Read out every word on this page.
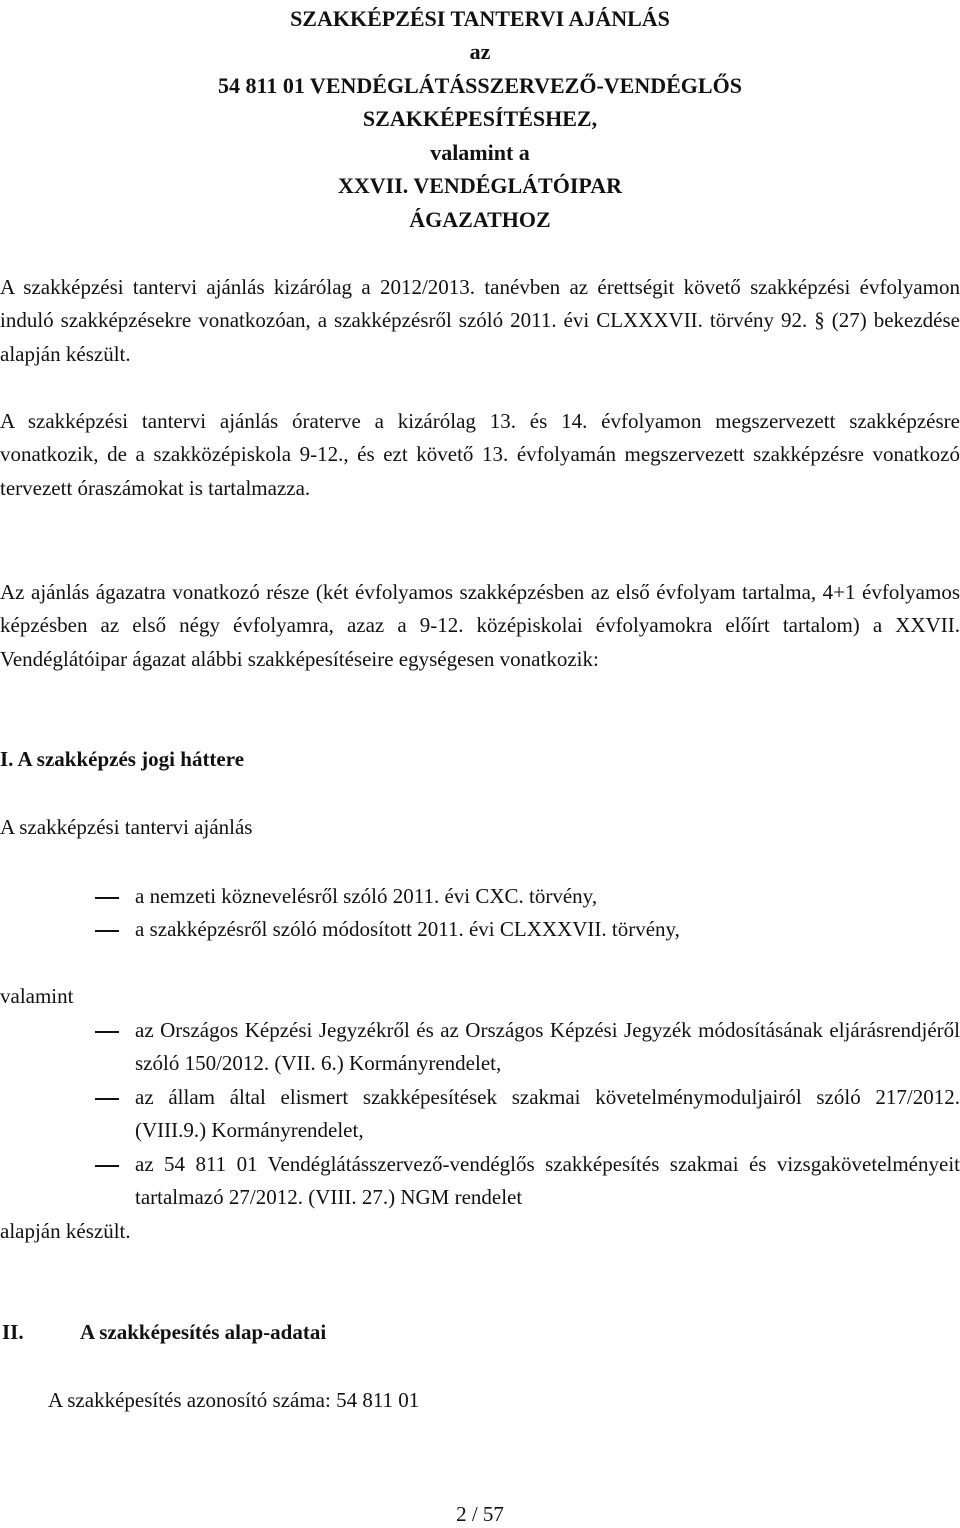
SZAKKÉPZÉSI TANTERVI AJÁNLÁS
az
54 811 01 VENDÉGLÁTÁSSZERVEZŐ-VENDÉGLŐS
SZAKKÉPESÍTÉSHEZ,
valamint a
XXVII. VENDÉGLÁTÓIPAR
ÁGAZATHOZ

A szakképzési tantervi ajánlás kizárólag a 2012/2013. tanévben az érettségit követő szakképzési évfolyamon induló szakképzésekre vonatkozóan, a szakképzésről szóló 2011. évi CLXXXVII. törvény 92. § (27) bekezdése alapján készült.

A szakképzési tantervi ajánlás óraterve a kizárólag 13. és 14. évfolyamon megszervezett szakképzésre vonatkozik, de a szakközépiskola 9-12., és ezt követő 13. évfolyamán megszervezett szakképzésre vonatkozó tervezett óraszámokat is tartalmazza.

Az ajánlás ágazatra vonatkozó része (két évfolyamos szakképzésben az első évfolyam tartalma, 4+1 évfolyamos képzésben az első négy évfolyamra, azaz a 9-12. középiskolai évfolyamokra előírt tartalom) a XXVII. Vendéglátóipar ágazat alábbi szakképesítéseire egységesen vonatkozik:

I. A szakképzés jogi háttere
A szakképzési tantervi ajánlás
a nemzeti köznevelésről szóló 2011. évi CXC. törvény,
a szakképzésről szóló módosított 2011. évi CLXXXVII. törvény,
valamint
az Országos Képzési Jegyzékről és az Országos Képzési Jegyzék módosításának eljárásrendjéről szóló 150/2012. (VII. 6.) Kormányrendelet,
az állam által elismert szakképesítések szakmai követelménymoduljairól szóló 217/2012. (VIII.9.) Kormányrendelet,
az 54 811 01 Vendéglátásszervező-vendéglős szakképesítés szakmai és vizsgakövetelményeit tartalmazó 27/2012. (VIII. 27.) NGM rendelet
alapján készült.
II.	A szakképesítés alap-adatai
A szakképesítés azonosító száma: 54 811 01
2 / 57
